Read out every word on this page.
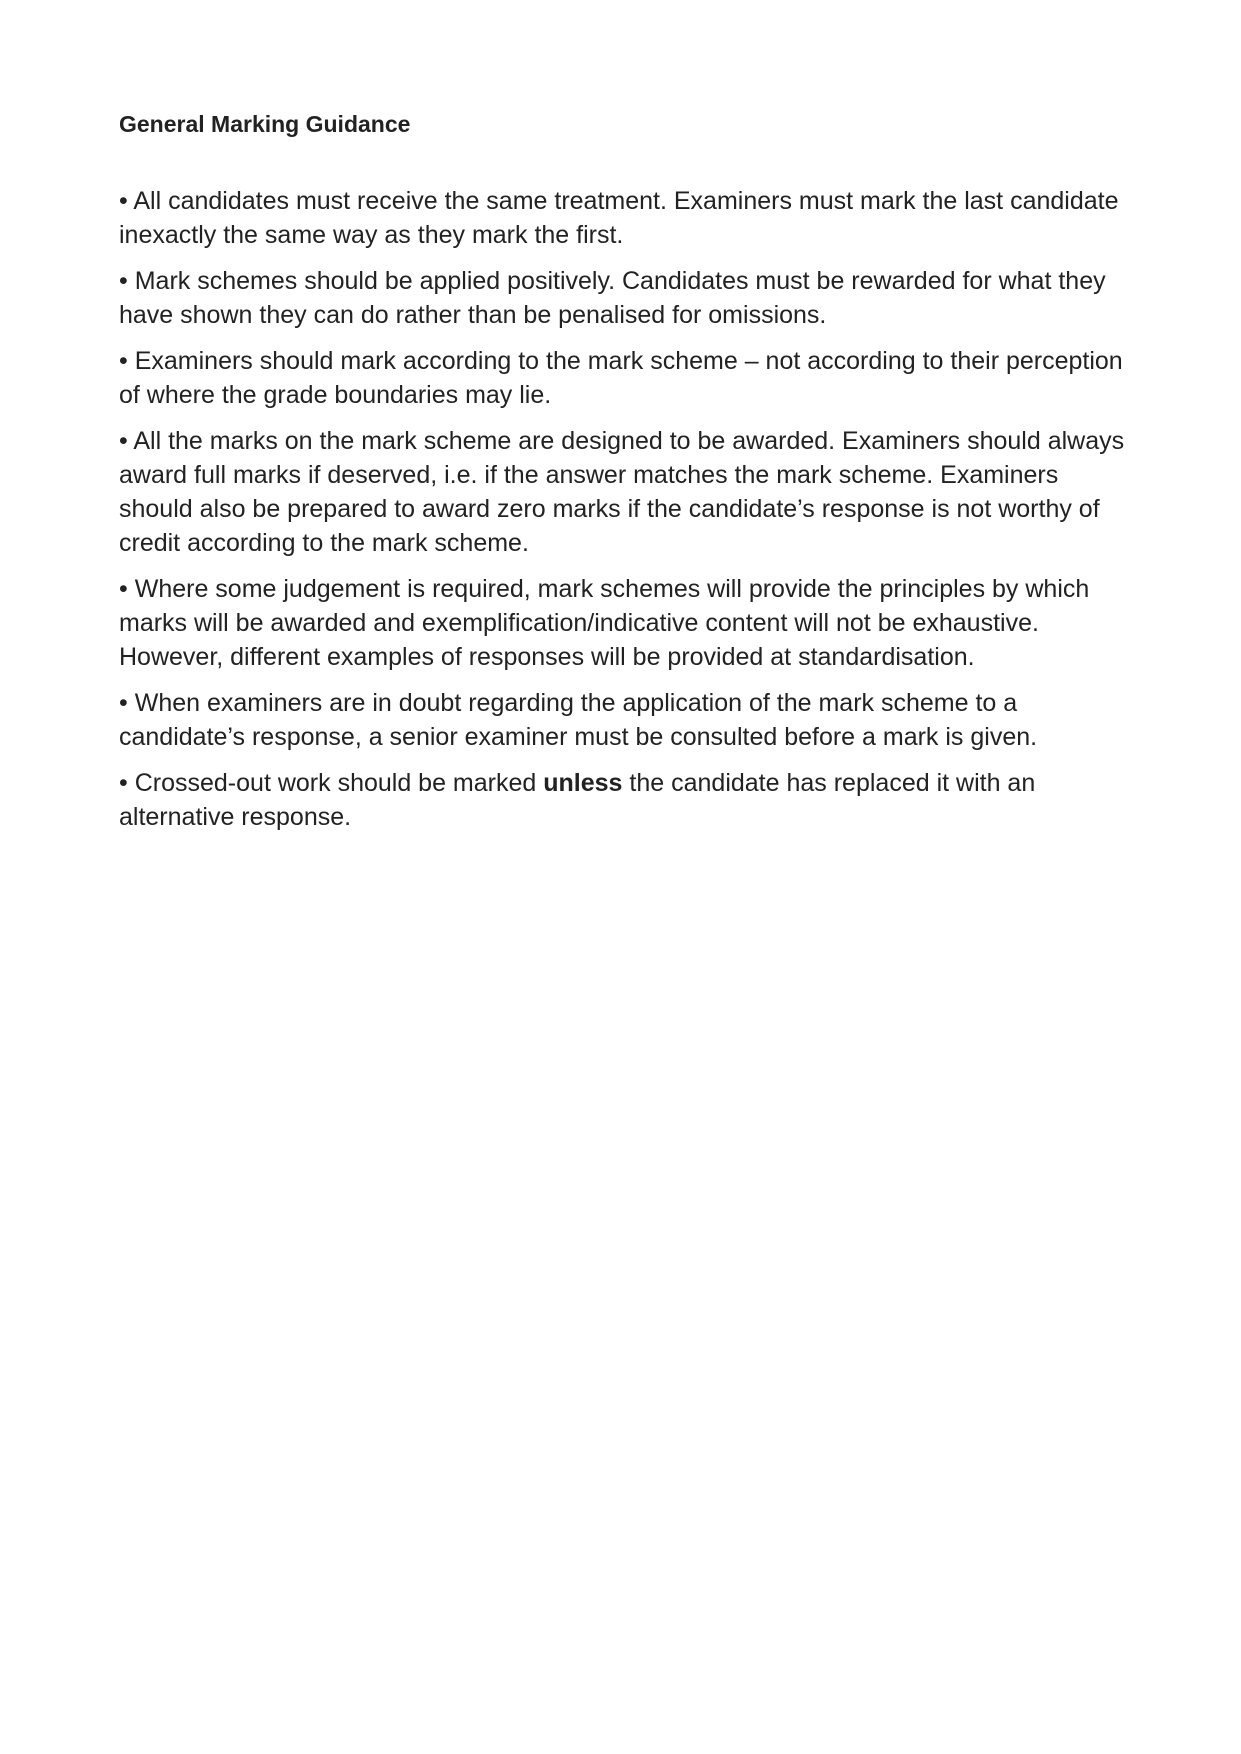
General Marking Guidance
• All candidates must receive the same treatment. Examiners must mark the last candidate inexactly the same way as they mark the first.
• Mark schemes should be applied positively. Candidates must be rewarded for what they have shown they can do rather than be penalised for omissions.
• Examiners should mark according to the mark scheme – not according to their perception of where the grade boundaries may lie.
• All the marks on the mark scheme are designed to be awarded. Examiners should always award full marks if deserved, i.e. if the answer matches the mark scheme. Examiners should also be prepared to award zero marks if the candidate’s response is not worthy of credit according to the mark scheme.
• Where some judgement is required, mark schemes will provide the principles by which marks will be awarded and exemplification/indicative content will not be exhaustive. However, different examples of responses will be provided at standardisation.
• When examiners are in doubt regarding the application of the mark scheme to a candidate’s response, a senior examiner must be consulted before a mark is given.
• Crossed-out work should be marked unless the candidate has replaced it with an alternative response.
